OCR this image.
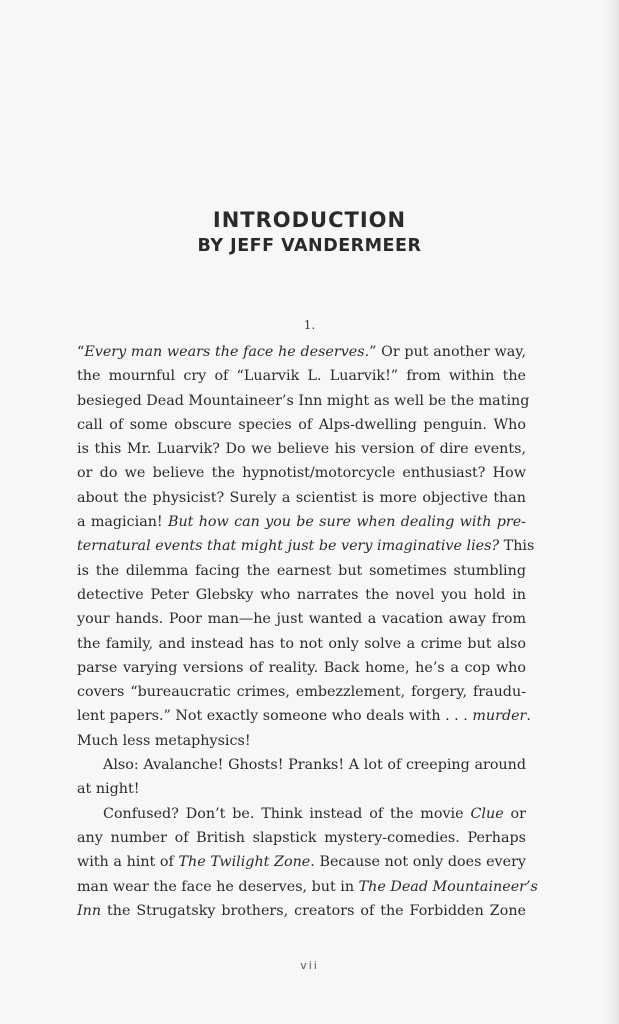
INTRODUCTION
BY JEFF VANDERMEER
1.
“Every man wears the face he deserves.” Or put another way,
the mournful cry of “Luarvik L. Luarvik!” from within the
besieged Dead Mountaineer’s Inn might as well be the mating
call of some obscure species of Alps-dwelling penguin. Who
is this Mr. Luarvik? Do we believe his version of dire events,
or do we believe the hypnotist/motorcycle enthusiast? How
about the physicist? Surely a scientist is more objective than
a magician! But how can you be sure when dealing with pre-
ternatural events that might just be very imaginative lies? This
is the dilemma facing the earnest but sometimes stumbling
detective Peter Glebsky who narrates the novel you hold in
your hands. Poor man—he just wanted a vacation away from
the family, and instead has to not only solve a crime but also
parse varying versions of reality. Back home, he’s a cop who
covers “bureaucratic crimes, embezzlement, forgery, fraudu-
lent papers.” Not exactly someone who deals with . . . murder.
Much less metaphysics!
Also: Avalanche! Ghosts! Pranks! A lot of creeping around
at night!
Confused? Don’t be. Think instead of the movie Clue or
any number of British slapstick mystery-comedies. Perhaps
with a hint of The Twilight Zone. Because not only does every
man wear the face he deserves, but in The Dead Mountaineer’s
Inn the Strugatsky brothers, creators of the Forbidden Zone
vii
